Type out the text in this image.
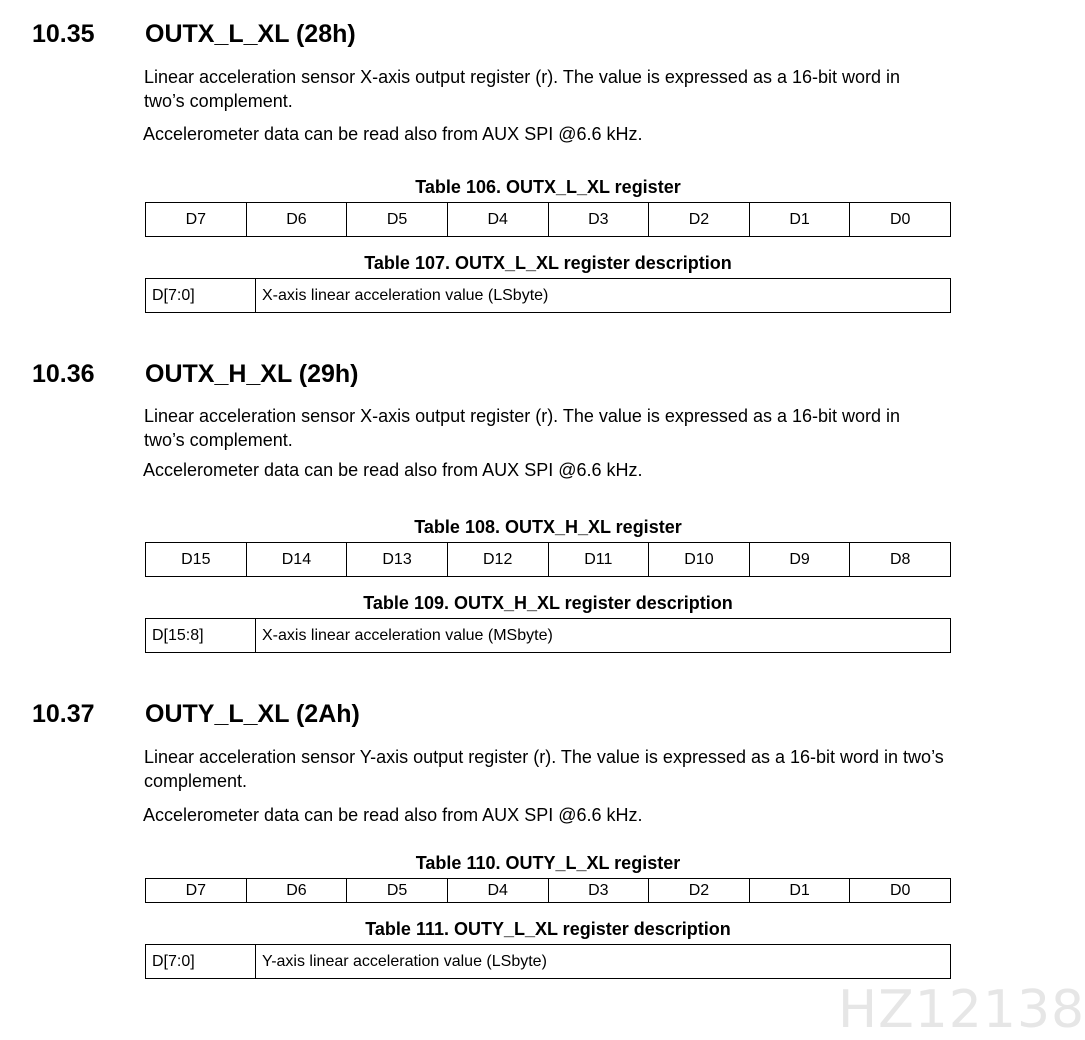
10.35 OUTX_L_XL (28h)

Linear acceleration sensor X-axis output register (r). The value is expressed as a 16-bit word in two’s complement.

Accelerometer data can be read also from AUX SPI @6.6 kHz.

Table 106. OUTX_L_XL register
D7	D6	D5	D4	D3	D2	D1	D0
Table 107. OUTX_L_XL register description
D[7:0]	X-axis linear acceleration value (LSbyte)
10.36 OUTX_H_XL (29h)

Linear acceleration sensor X-axis output register (r). The value is expressed as a 16-bit word in two’s complement.

Accelerometer data can be read also from AUX SPI @6.6 kHz.

Table 108. OUTX_H_XL register
D15	D14	D13	D12	D11	D10	D9	D8
Table 109. OUTX_H_XL register description
D[15:8]	X-axis linear acceleration value (MSbyte)
10.37 OUTY_L_XL (2Ah)

Linear acceleration sensor Y-axis output register (r). The value is expressed as a 16-bit word in two’s complement.

Accelerometer data can be read also from AUX SPI @6.6 kHz.

Table 110. OUTY_L_XL register
D7	D6	D5	D4	D3	D2	D1	D0
Table 111. OUTY_L_XL register description
D[7:0]	Y-axis linear acceleration value (LSbyte)
HZ12138
